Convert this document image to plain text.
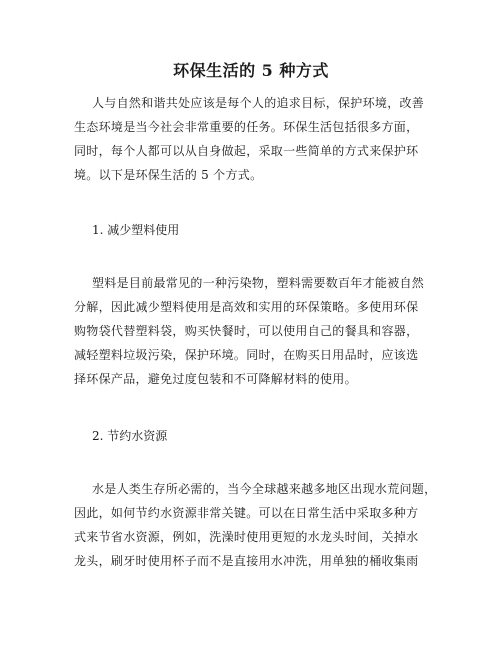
环保生活的 5 种方式
人与自然和谐共处应该是每个人的追求目标，保护环境，改善
生态环境是当今社会非常重要的任务。环保生活包括很多方面，
同时，每个人都可以从自身做起，采取一些简单的方式来保护环
境。以下是环保生活的 5 个方式。
1. 减少塑料使用
塑料是目前最常见的一种污染物，塑料需要数百年才能被自然
分解，因此减少塑料使用是高效和实用的环保策略。多使用环保
购物袋代替塑料袋，购买快餐时，可以使用自己的餐具和容器，
减轻塑料垃圾污染，保护环境。同时，在购买日用品时，应该选
择环保产品，避免过度包装和不可降解材料的使用。
2. 节约水资源
水是人类生存所必需的，当今全球越来越多地区出现水荒问题，
因此，如何节约水资源非常关键。可以在日常生活中采取多种方
式来节省水资源，例如，洗澡时使用更短的水龙头时间，关掉水
龙头，刷牙时使用杯子而不是直接用水冲洗，用单独的桶收集雨
